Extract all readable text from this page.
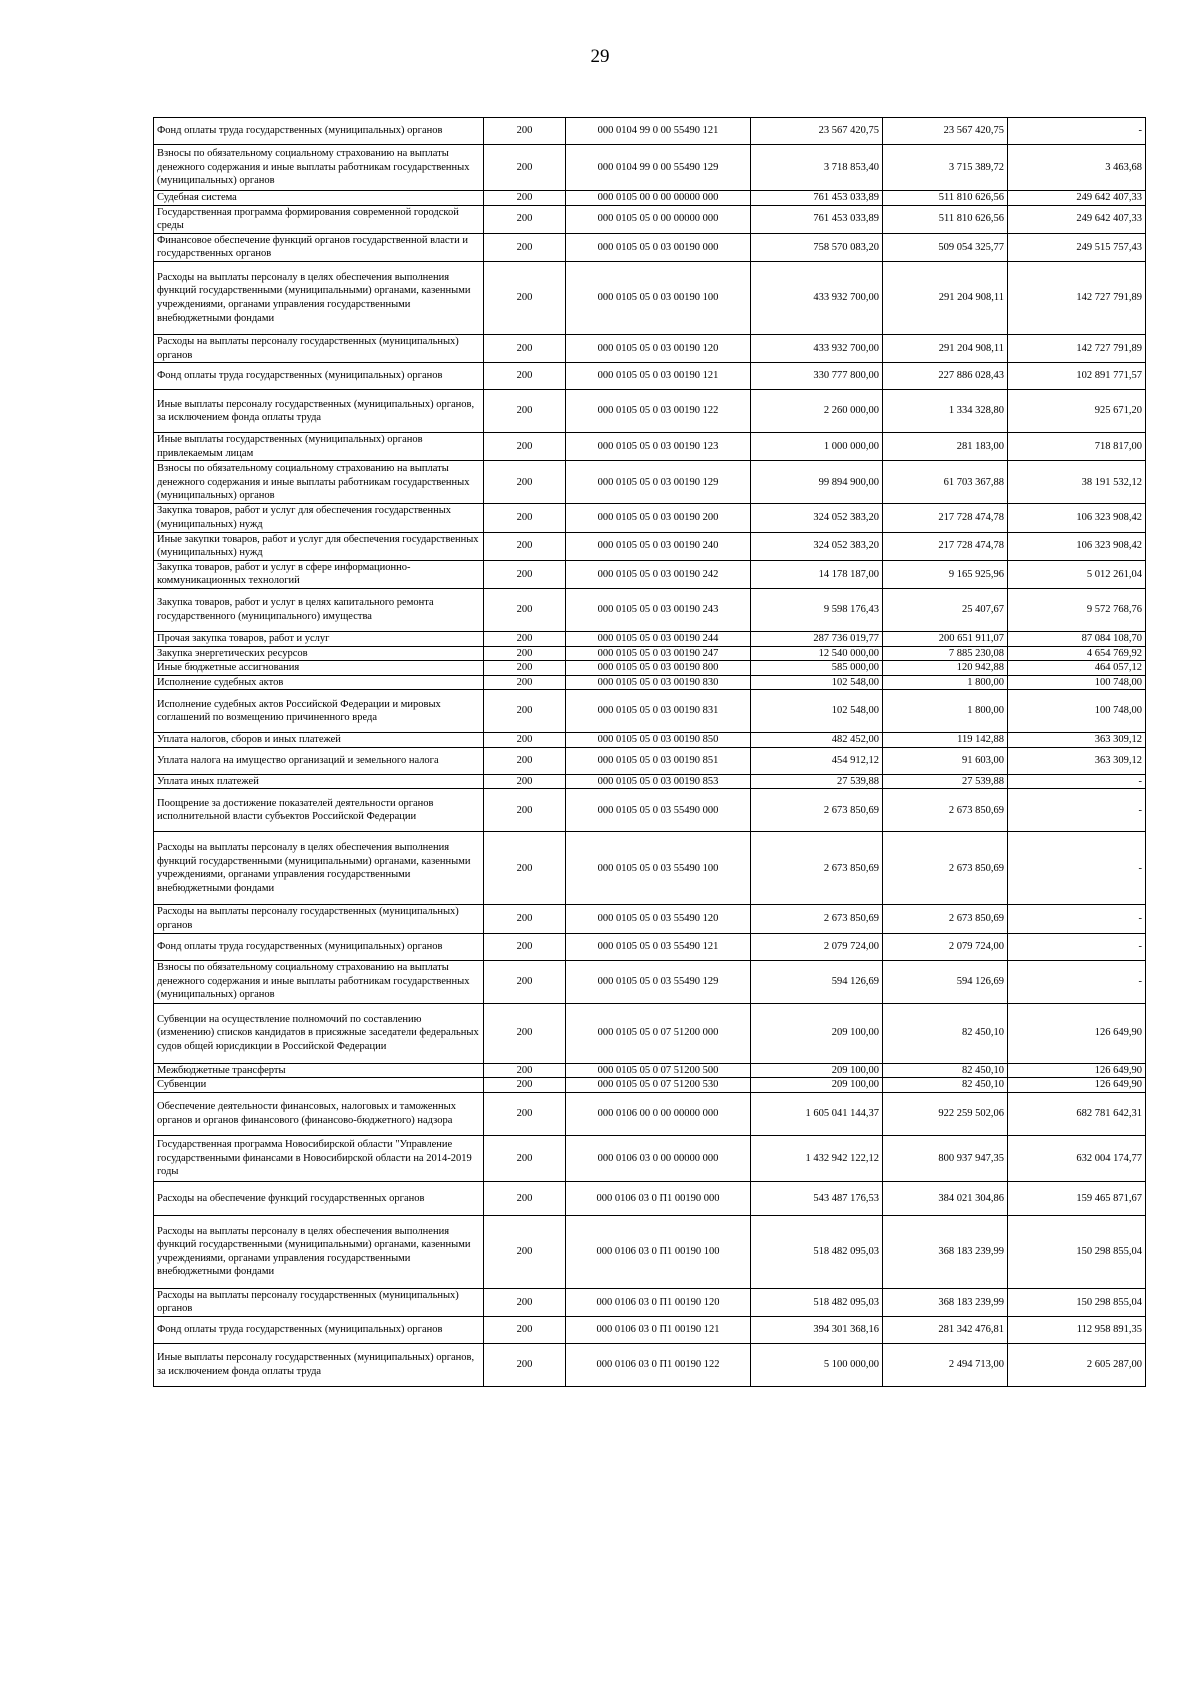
29
Фонд оплаты труда государственных (муниципальных) органов	200	000 0104 99 0 00 55490 121	23 567 420,75	23 567 420,75	-
Взносы по обязательному социальному страхованию на выплаты денежного содержания и иные выплаты работникам государственных (муниципальных) органов	200	000 0104 99 0 00 55490 129	3 718 853,40	3 715 389,72	3 463,68
Судебная система	200	000 0105 00 0 00 00000 000	761 453 033,89	511 810 626,56	249 642 407,33
Государственная программа формирования современной городской среды	200	000 0105 05 0 00 00000 000	761 453 033,89	511 810 626,56	249 642 407,33
Финансовое обеспечение функций органов государственной власти и государственных органов	200	000 0105 05 0 03 00190 000	758 570 083,20	509 054 325,77	249 515 757,43
Расходы на выплаты персоналу в целях обеспечения выполнения функций государственными (муниципальными) органами, казенными учреждениями, органами управления государственными внебюджетными фондами	200	000 0105 05 0 03 00190 100	433 932 700,00	291 204 908,11	142 727 791,89
Расходы на выплаты персоналу государственных (муниципальных) органов	200	000 0105 05 0 03 00190 120	433 932 700,00	291 204 908,11	142 727 791,89
Фонд оплаты труда государственных (муниципальных) органов	200	000 0105 05 0 03 00190 121	330 777 800,00	227 886 028,43	102 891 771,57
Иные выплаты персоналу государственных (муниципальных) органов, за исключением фонда оплаты труда	200	000 0105 05 0 03 00190 122	2 260 000,00	1 334 328,80	925 671,20
Иные выплаты государственных (муниципальных) органов привлекаемым лицам	200	000 0105 05 0 03 00190 123	1 000 000,00	281 183,00	718 817,00
Взносы по обязательному социальному страхованию на выплаты денежного содержания и иные выплаты работникам государственных (муниципальных) органов	200	000 0105 05 0 03 00190 129	99 894 900,00	61 703 367,88	38 191 532,12
Закупка товаров, работ и услуг для обеспечения государственных (муниципальных) нужд	200	000 0105 05 0 03 00190 200	324 052 383,20	217 728 474,78	106 323 908,42
Иные закупки товаров, работ и услуг для обеспечения государственных (муниципальных) нужд	200	000 0105 05 0 03 00190 240	324 052 383,20	217 728 474,78	106 323 908,42
Закупка товаров, работ и услуг в сфере информационно-коммуникационных технологий	200	000 0105 05 0 03 00190 242	14 178 187,00	9 165 925,96	5 012 261,04
Закупка товаров, работ и услуг в целях капитального ремонта государственного (муниципального) имущества	200	000 0105 05 0 03 00190 243	9 598 176,43	25 407,67	9 572 768,76
Прочая закупка товаров, работ и услуг	200	000 0105 05 0 03 00190 244	287 736 019,77	200 651 911,07	87 084 108,70
Закупка энергетических ресурсов	200	000 0105 05 0 03 00190 247	12 540 000,00	7 885 230,08	4 654 769,92
Иные бюджетные ассигнования	200	000 0105 05 0 03 00190 800	585 000,00	120 942,88	464 057,12
Исполнение судебных актов	200	000 0105 05 0 03 00190 830	102 548,00	1 800,00	100 748,00
Исполнение судебных актов Российской Федерации и мировых соглашений по возмещению причиненного вреда	200	000 0105 05 0 03 00190 831	102 548,00	1 800,00	100 748,00
Уплата налогов, сборов и иных платежей	200	000 0105 05 0 03 00190 850	482 452,00	119 142,88	363 309,12
Уплата налога на имущество организаций и земельного налога	200	000 0105 05 0 03 00190 851	454 912,12	91 603,00	363 309,12
Уплата иных платежей	200	000 0105 05 0 03 00190 853	27 539,88	27 539,88	-
Поощрение за достижение показателей деятельности органов исполнительной власти субъектов Российской Федерации	200	000 0105 05 0 03 55490 000	2 673 850,69	2 673 850,69	-
Расходы на выплаты персоналу в целях обеспечения выполнения функций государственными (муниципальными) органами, казенными учреждениями, органами управления государственными внебюджетными фондами	200	000 0105 05 0 03 55490 100	2 673 850,69	2 673 850,69	-
Расходы на выплаты персоналу государственных (муниципальных) органов	200	000 0105 05 0 03 55490 120	2 673 850,69	2 673 850,69	-
Фонд оплаты труда государственных (муниципальных) органов	200	000 0105 05 0 03 55490 121	2 079 724,00	2 079 724,00	-
Взносы по обязательному социальному страхованию на выплаты денежного содержания и иные выплаты работникам государственных (муниципальных) органов	200	000 0105 05 0 03 55490 129	594 126,69	594 126,69	-
Субвенции на осуществление полномочий по составлению (изменению) списков кандидатов в присяжные заседатели федеральных судов общей юрисдикции в Российской Федерации	200	000 0105 05 0 07 51200 000	209 100,00	82 450,10	126 649,90
Межбюджетные трансферты	200	000 0105 05 0 07 51200 500	209 100,00	82 450,10	126 649,90
Субвенции	200	000 0105 05 0 07 51200 530	209 100,00	82 450,10	126 649,90
Обеспечение деятельности финансовых, налоговых и таможенных органов и органов финансового (финансово-бюджетного) надзора	200	000 0106 00 0 00 00000 000	1 605 041 144,37	922 259 502,06	682 781 642,31
Государственная программа Новосибирской области "Управление государственными финансами в Новосибирской области на 2014-2019 годы	200	000 0106 03 0 00 00000 000	1 432 942 122,12	800 937 947,35	632 004 174,77
Расходы на обеспечение функций государственных органов	200	000 0106 03 0 П1 00190 000	543 487 176,53	384 021 304,86	159 465 871,67
Расходы на выплаты персоналу в целях обеспечения выполнения функций государственными (муниципальными) органами, казенными учреждениями, органами управления государственными внебюджетными фондами	200	000 0106 03 0 П1 00190 100	518 482 095,03	368 183 239,99	150 298 855,04
Расходы на выплаты персоналу государственных (муниципальных) органов	200	000 0106 03 0 П1 00190 120	518 482 095,03	368 183 239,99	150 298 855,04
Фонд оплаты труда государственных (муниципальных) органов	200	000 0106 03 0 П1 00190 121	394 301 368,16	281 342 476,81	112 958 891,35
Иные выплаты персоналу государственных (муниципальных) органов, за исключением фонда оплаты труда	200	000 0106 03 0 П1 00190 122	5 100 000,00	2 494 713,00	2 605 287,00
